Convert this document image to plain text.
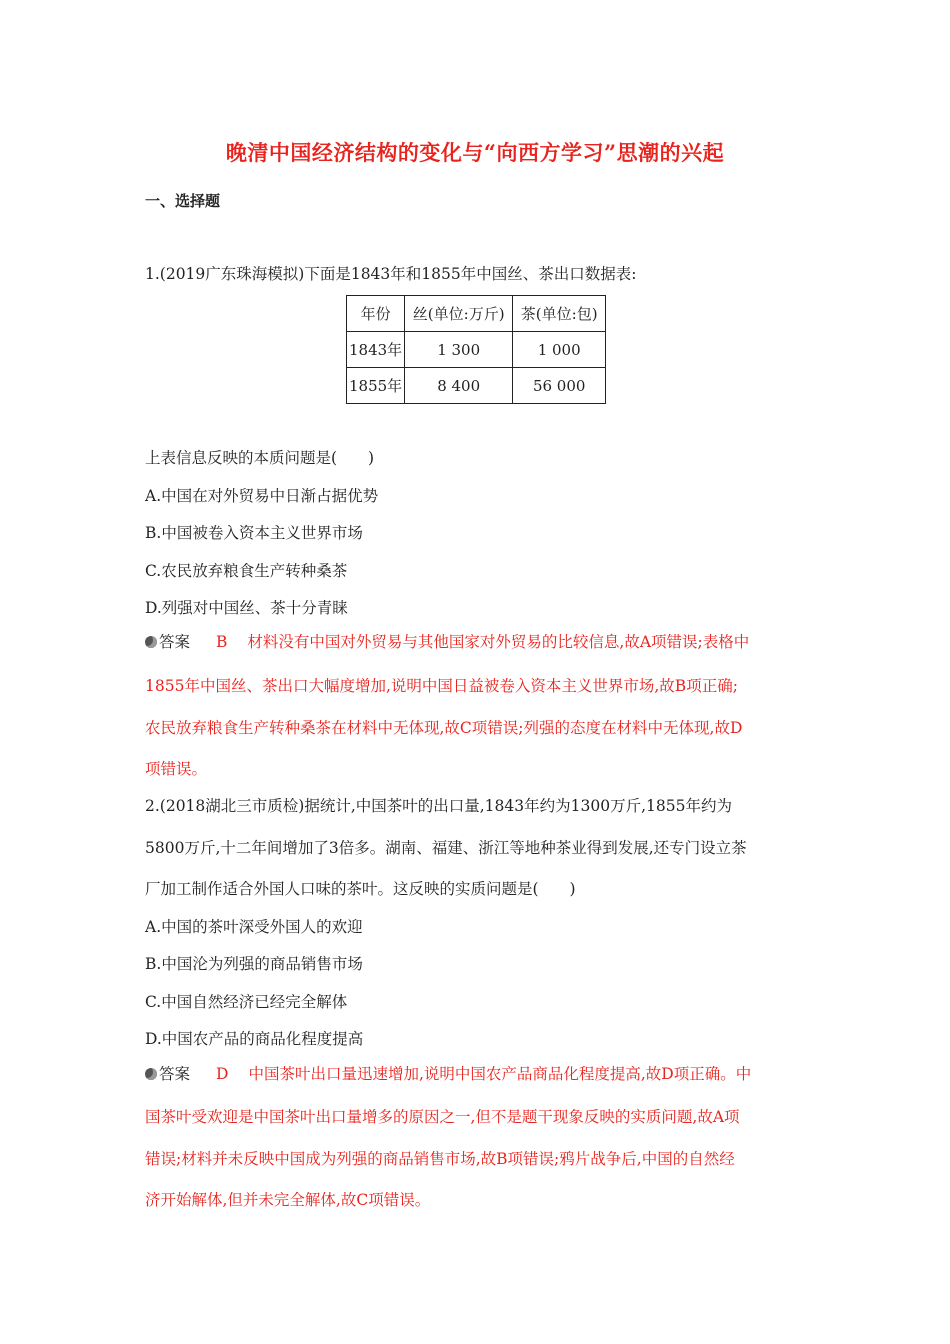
晚清中国经济结构的变化与“向西方学习”思潮的兴起
一、选择题
1.(2019广东珠海模拟)下面是1843年和1855年中国丝、茶出口数据表:
年份	丝(单位:万斤)	茶(单位:包)
1843年	1 300	1 000
1855年	8 400	56 000
上表信息反映的本质问题是(　　)
A.中国在对外贸易中日渐占据优势
B.中国被卷入资本主义世界市场
C.农民放弃粮食生产转种桑茶
D.列强对中国丝、茶十分青睐
答案 B 材料没有中国对外贸易与其他国家对外贸易的比较信息,故A项错误;表格中
1855年中国丝、茶出口大幅度增加,说明中国日益被卷入资本主义世界市场,故B项正确;
农民放弃粮食生产转种桑茶在材料中无体现,故C项错误;列强的态度在材料中无体现,故D
项错误。
2.(2018湖北三市质检)据统计,中国茶叶的出口量,1843年约为1300万斤,1855年约为
5800万斤,十二年间增加了3倍多。湖南、福建、浙江等地种茶业得到发展,还专门设立茶
厂加工制作适合外国人口味的茶叶。这反映的实质问题是(　　)
A.中国的茶叶深受外国人的欢迎
B.中国沦为列强的商品销售市场
C.中国自然经济已经完全解体
D.中国农产品的商品化程度提高
答案 D 中国茶叶出口量迅速增加,说明中国农产品商品化程度提高,故D项正确。中
国茶叶受欢迎是中国茶叶出口量增多的原因之一,但不是题干现象反映的实质问题,故A项
错误;材料并未反映中国成为列强的商品销售市场,故B项错误;鸦片战争后,中国的自然经
济开始解体,但并未完全解体,故C项错误。
